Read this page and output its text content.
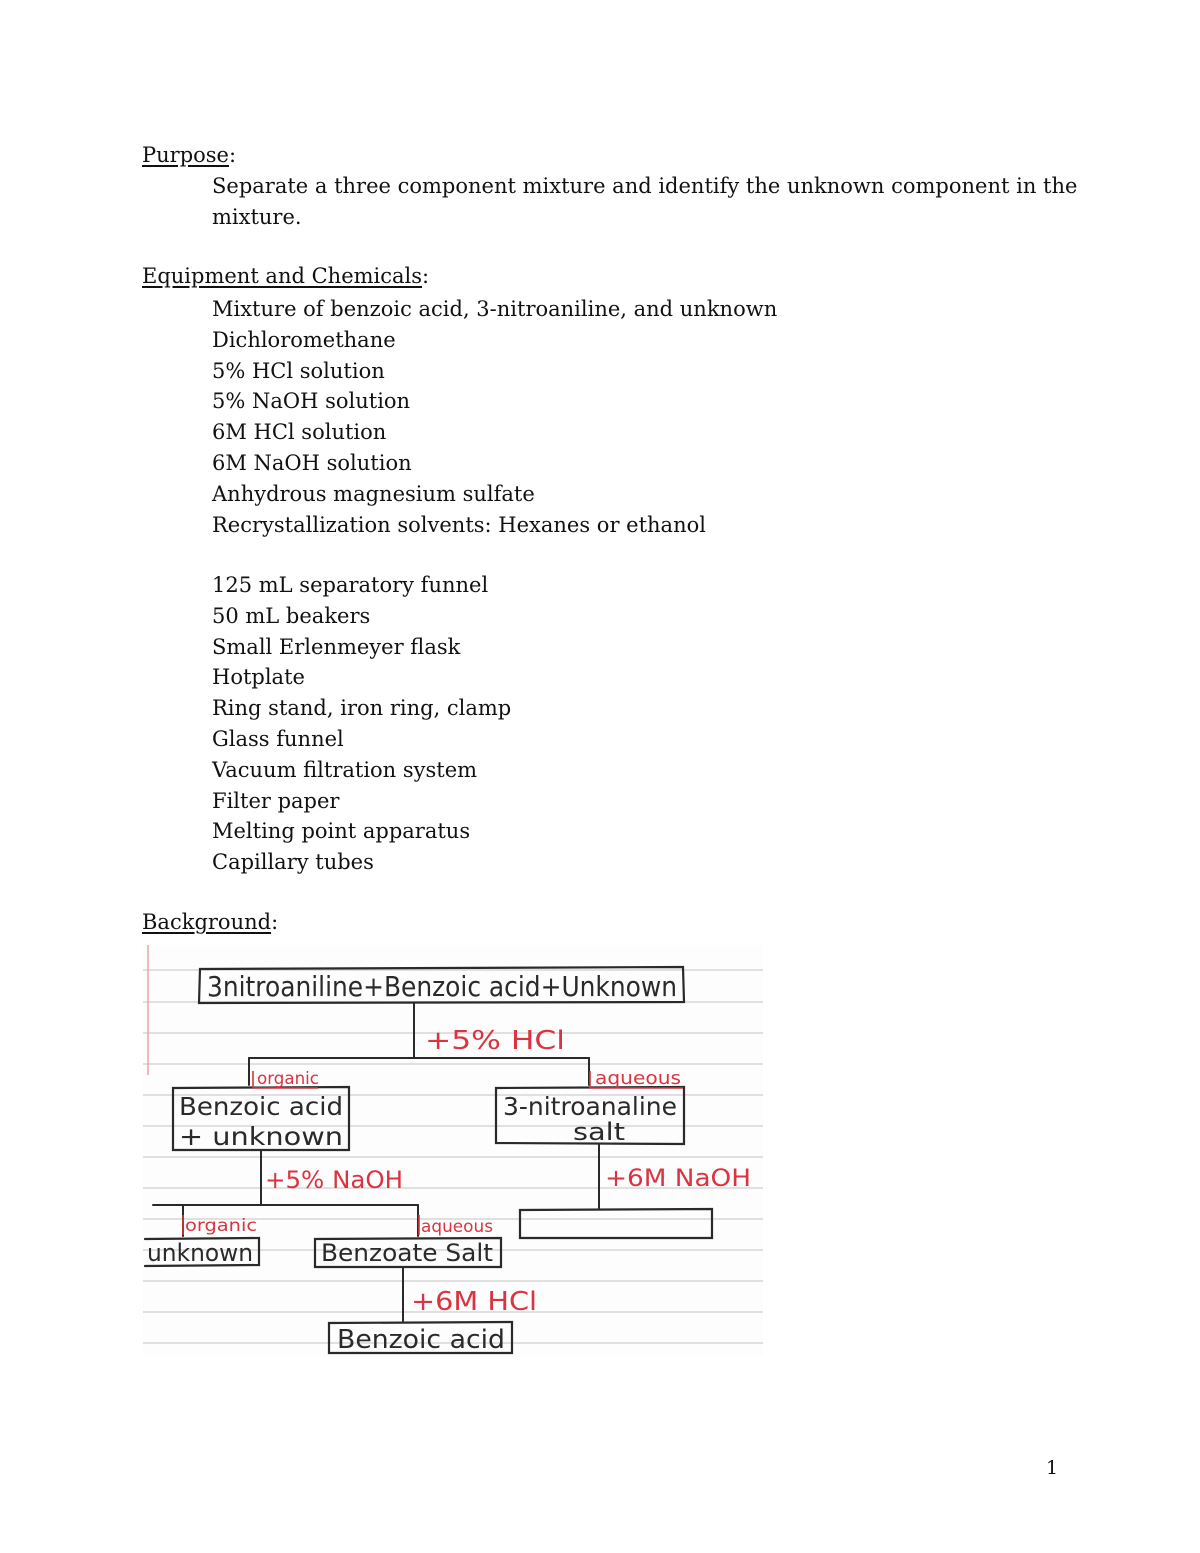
Purpose:
Separate a three component mixture and identify the unknown component in the mixture.
Equipment and Chemicals:
Mixture of benzoic acid, 3-nitroaniline, and unknown
Dichloromethane
5% HCl solution
5% NaOH solution
6M HCl solution
6M NaOH solution
Anhydrous magnesium sulfate
Recrystallization solvents: Hexanes or ethanol
125 mL separatory funnel
50 mL beakers
Small Erlenmeyer flask
Hotplate
Ring stand, iron ring, clamp
Glass funnel
Vacuum filtration system
Filter paper
Melting point apparatus
Capillary tubes
Background:
3nitroaniline+Benzoic acid+Unknown
+5% HCl
organic	aqueous
Benzoic acid
+ unknown
3-nitroanaline
salt
+5% NaOH	+6M NaOH
organic	aqueous
unknown	Benzoate Salt
+6M HCl
Benzoic acid
1
